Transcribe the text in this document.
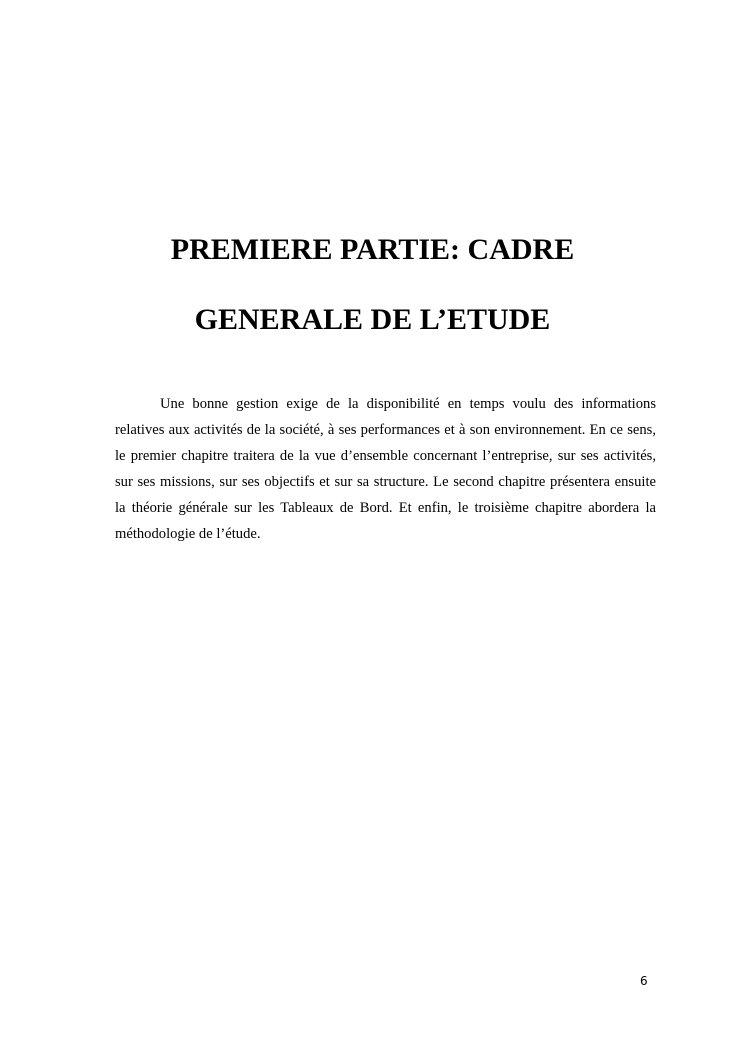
PREMIERE PARTIE: CADRE
GENERALE DE L’ETUDE

Une bonne gestion exige de la disponibilité en temps voulu des informations relatives aux activités de la société, à ses performances et à son environnement. En ce sens, le premier chapitre traitera de la vue d’ensemble concernant l’entreprise, sur ses activités, sur ses missions, sur ses objectifs et sur sa structure. Le second chapitre présentera ensuite la théorie générale sur les Tableaux de Bord. Et enfin, le troisième chapitre abordera la méthodologie de l’étude.

6
